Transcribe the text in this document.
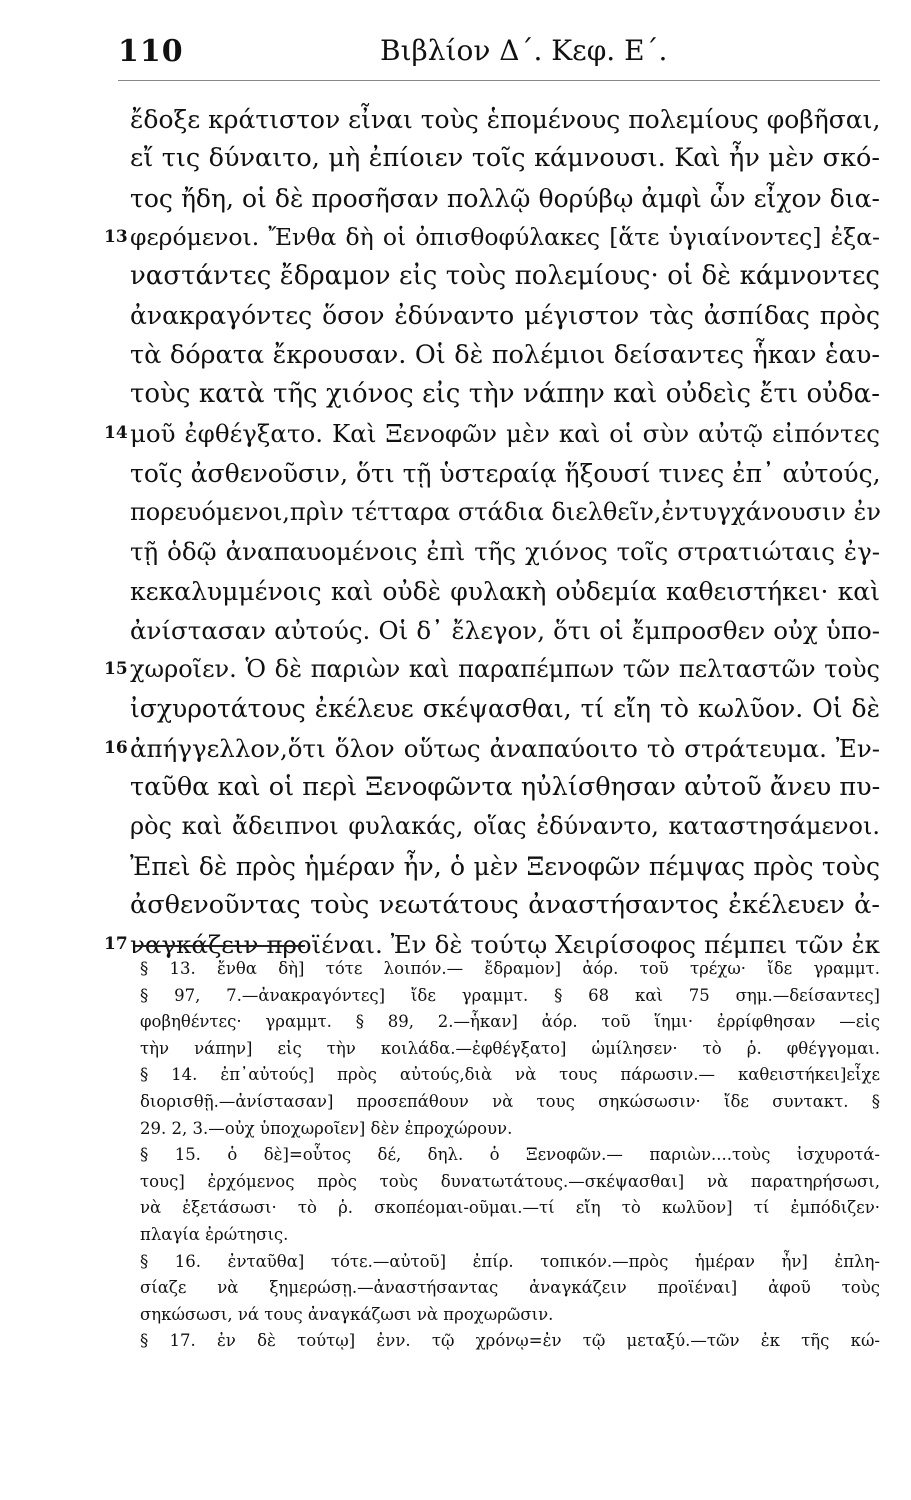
110	Βιβλίον Δ΄. Κεφ. Ε΄.
ἔδοξε κράτιστον εἶναι τοὺς ἑπομένους πολεμίους φοβῆσαι,
εἴ τις δύναιτο, μὴ ἐπίοιεν τοῖς κάμνουσι. Καὶ ἦν μὲν σκό-
τος ἤδη, οἱ δὲ προσῆσαν πολλῷ θορύβῳ ἀμφὶ ὧν εἶχον δια-
13 φερόμενοι. Ἔνθα δὴ οἱ ὀπισθοφύλακες [ἅτε ὑγιαίνοντες] ἐξα-
ναστάντες ἔδραμον εἰς τοὺς πολεμίους· οἱ δὲ κάμνοντες
ἀνακραγόντες ὅσον ἐδύναντο μέγιστον τὰς ἀσπίδας πρὸς
τὰ δόρατα ἔκρουσαν. Οἱ δὲ πολέμιοι δείσαντες ἧκαν ἑαυ-
τοὺς κατὰ τῆς χιόνος εἰς τὴν νάπην καὶ οὐδεὶς ἔτι οὐδα-
14 μοῦ ἐφθέγξατο. Καὶ Ξενοφῶν μὲν καὶ οἱ σὺν αὐτῷ εἰπόντες
τοῖς ἀσθενοῦσιν, ὅτι τῇ ὑστεραίᾳ ἥξουσί τινες ἐπ᾽ αὐτούς,
πορευόμενοι,πρὶν τέτταρα στάδια διελθεῖν,ἐντυγχάνουσιν ἐν
τῇ ὁδῷ ἀναπαυομένοις ἐπὶ τῆς χιόνος τοῖς στρατιώταις ἐγ-
κεκαλυμμένοις καὶ οὐδὲ φυλακὴ οὐδεμία καθειστήκει· καὶ
ἀνίστασαν αὐτούς. Οἱ δ᾽ ἔλεγον, ὅτι οἱ ἔμπροσθεν οὐχ ὑπο-
15 χωροῖεν. Ὁ δὲ παριὼν καὶ παραπέμπων τῶν πελταστῶν τοὺς
ἰσχυροτάτους ἐκέλευε σκέψασθαι, τί εἴη τὸ κωλῦον. Οἱ δὲ
16 ἀπήγγελλον,ὅτι ὅλον οὕτως ἀναπαύοιτο τὸ στράτευμα. Ἐν-
ταῦθα καὶ οἱ περὶ Ξενοφῶντα ηὐλίσθησαν αὐτοῦ ἄνευ πυ-
ρὸς καὶ ἄδειπνοι φυλακάς, οἵας ἐδύναντο, καταστησάμενοι.
Ἐπεὶ δὲ πρὸς ἡμέραν ἦν, ὁ μὲν Ξενοφῶν πέμψας πρὸς τοὺς
ἀσθενοῦντας τοὺς νεωτάτους ἀναστήσαντος ἐκέλευεν ἀ-
17 ναγκάζειν προϊέναι. Ἐν δὲ τούτῳ Χειρίσοφος πέμπει τῶν ἐκ
§ 13. ἔνθα δὴ] τότε λοιπόν.— ἔδραμον] ἀόρ. τοῦ τρέχω· ἴδε γραμμτ.
§ 97, 7.—ἀνακραγόντες] ἴδε γραμμτ. § 68 καὶ 75 σημ.—δείσαντες]
φοβηθέντες· γραμμτ. § 89, 2.—ἧκαν] ἀόρ. τοῦ ἵημι· ἐρρίφθησαν —εἰς
τὴν νάπην] εἰς τὴν κοιλάδα.—ἐφθέγξατο] ὡμίλησεν· τὸ ῥ. φθέγγομαι.
§ 14. ἐπ᾽αὐτούς] πρὸς αὐτούς,διὰ νὰ τους πάρωσιν.— καθειστήκει]εἶχε
διορισθῇ.—ἀνίστασαν] προσεπάθουν νὰ τους σηκώσωσιν· ἴδε συντακτ. §
29. 2, 3.—οὐχ ὑποχωροῖεν] δὲν ἐπροχώρουν.
§ 15. ὁ δὲ]=οὗτος δέ, δηλ. ὁ Ξενοφῶν.— παριὼν....τοὺς ἰσχυροτά-
τους] ἐρχόμενος πρὸς τοὺς δυνατωτάτους.—σκέψασθαι] νὰ παρατηρήσωσι,
νὰ ἐξετάσωσι· τὸ ῥ. σκοπέομαι-οῦμαι.—τί εἴη τὸ κωλῦον] τί ἐμπόδιζεν·
πλαγία ἐρώτησις.
§ 16. ἐνταῦθα] τότε.—αὐτοῦ] ἐπίρ. τοπικόν.—πρὸς ἡμέραν ἦν] ἐπλη-
σίαζε νὰ ξημερώσῃ.—ἀναστήσαντας ἀναγκάζειν προϊέναι] ἀφοῦ τοὺς
σηκώσωσι, νά τους ἀναγκάζωσι νὰ προχωρῶσιν.
§ 17. ἐν δὲ τούτῳ] ἐνν. τῷ χρόνῳ=ἐν τῷ μεταξύ.—τῶν ἐκ τῆς κώ-
